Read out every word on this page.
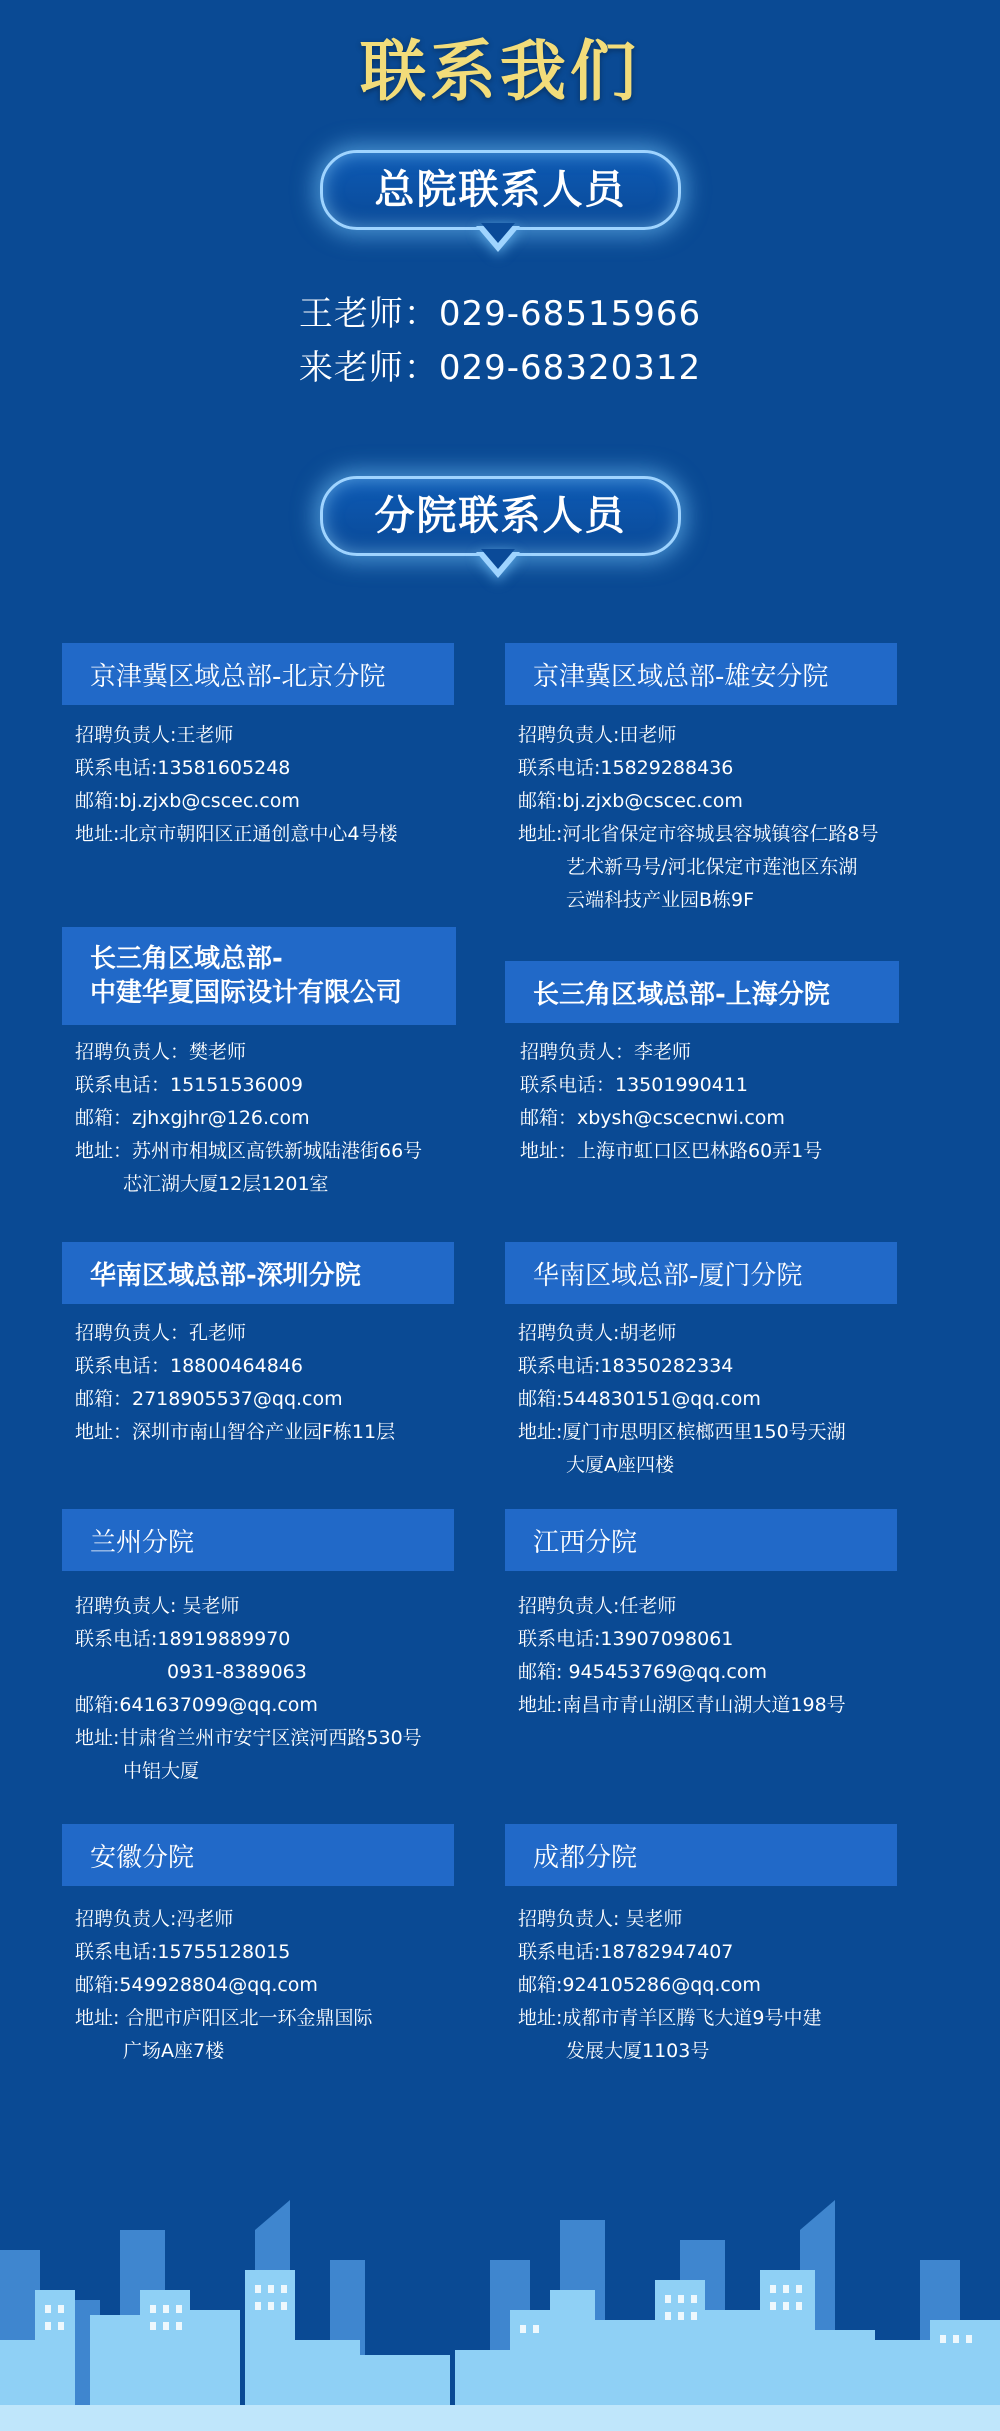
联系我们
总院联系人员
王老师：029-68515966
来老师：029-68320312
分院联系人员
京津冀区域总部-北京分院
招聘负责人:王老师
联系电话:13581605248
邮箱:bj.zjxb@cscec.com
地址:北京市朝阳区正通创意中心4号楼
京津冀区域总部-雄安分院
招聘负责人:田老师
联系电话:15829288436
邮箱:bj.zjxb@cscec.com
地址:河北省保定市容城县容城镇容仁路8号
艺术新马号/河北保定市莲池区东湖
云端科技产业园B栋9F
长三角区域总部-
中建华夏国际设计有限公司
招聘负责人：樊老师
联系电话：15151536009
邮箱：zjhxgjhr@126.com
地址：苏州市相城区高铁新城陆港街66号
芯汇湖大厦12层1201室
长三角区域总部-上海分院
招聘负责人：李老师
联系电话：13501990411
邮箱：xbysh@cscecnwi.com
地址：上海市虹口区巴林路60弄1号
华南区域总部-深圳分院
招聘负责人：孔老师
联系电话：18800464846
邮箱：2718905537@qq.com
地址：深圳市南山智谷产业园F栋11层
华南区域总部-厦门分院
招聘负责人:胡老师
联系电话:18350282334
邮箱:544830151@qq.com
地址:厦门市思明区槟榔西里150号天湖
大厦A座四楼
兰州分院
招聘负责人: 吴老师
联系电话:18919889970
0931-8389063
邮箱:641637099@qq.com
地址:甘肃省兰州市安宁区滨河西路530号
中铝大厦
江西分院
招聘负责人:任老师
联系电话:13907098061
邮箱: 945453769@qq.com
地址:南昌市青山湖区青山湖大道198号
安徽分院
招聘负责人:冯老师
联系电话:15755128015
邮箱:549928804@qq.com
地址: 合肥市庐阳区北一环金鼎国际
广场A座7楼
成都分院
招聘负责人: 吴老师
联系电话:18782947407
邮箱:924105286@qq.com
地址:成都市青羊区腾飞大道9号中建
发展大厦1103号
